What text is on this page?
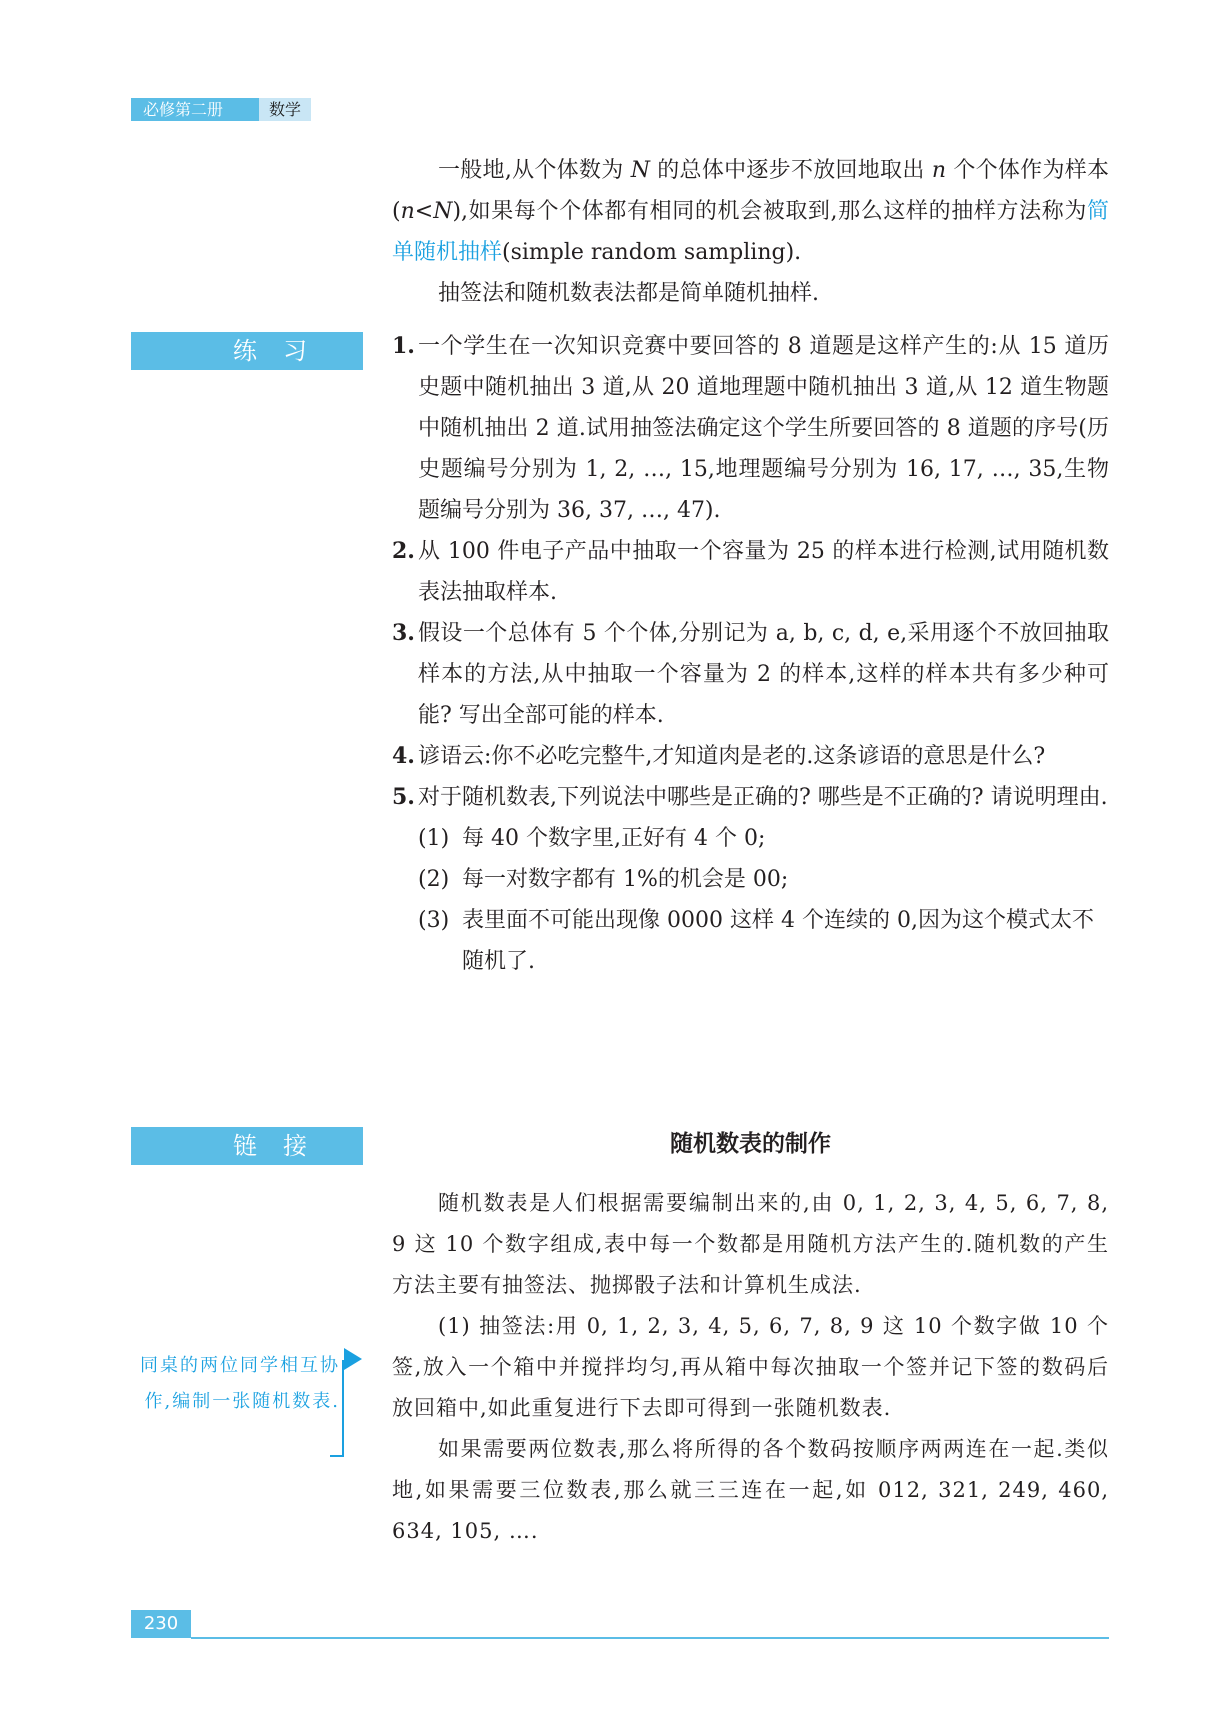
必修第二册	数学

一般地,从个体数为 N 的总体中逐步不放回地取出 n 个个体作为样本(n<N),如果每个个体都有相同的机会被取到,那么这样的抽样方法称为简单随机抽样(simple random sampling).

抽签法和随机数表法都是简单随机抽样.

练习	1. 一个学生在一次知识竞赛中要回答的 8 道题是这样产生的:从 15 道历史题中随机抽出 3 道,从 20 道地理题中随机抽出 3 道,从 12 道生物题中随机抽出 2 道.试用抽签法确定这个学生所要回答的 8 道题的序号(历史题编号分别为 1, 2, …, 15,地理题编号分别为 16, 17, …, 35,生物题编号分别为 36, 37, …, 47).
2. 从 100 件电子产品中抽取一个容量为 25 的样本进行检测,试用随机数表法抽取样本.
3. 假设一个总体有 5 个个体,分别记为 a, b, c, d, e,采用逐个不放回抽取样本的方法,从中抽取一个容量为 2 的样本,这样的样本共有多少种可能? 写出全部可能的样本.
4. 谚语云:你不必吃完整牛,才知道肉是老的.这条谚语的意思是什么?
5. 对于随机数表,下列说法中哪些是正确的? 哪些是不正确的? 请说明理由.
(1) 每 40 个数字里,正好有 4 个 0;
(2) 每一对数字都有 1%的机会是 00;
(3) 表里面不可能出现像 0000 这样 4 个连续的 0,因为这个模式太不随机了.
链接	随机数表的制作

随机数表是人们根据需要编制出来的,由 0, 1, 2, 3, 4, 5, 6, 7, 8, 9 这 10 个数字组成,表中每一个数都是用随机方法产生的.随机数的产生方法主要有抽签法、抛掷骰子法和计算机生成法.

(1) 抽签法:用 0, 1, 2, 3, 4, 5, 6, 7, 8, 9 这 10 个数字做 10 个签,放入一个箱中并搅拌均匀,再从箱中每次抽取一个签并记下签的数码后放回箱中,如此重复进行下去即可得到一张随机数表.

如果需要两位数表,那么将所得的各个数码按顺序两两连在一起.类似地,如果需要三位数表,那么就三三连在一起,如 012, 321, 249, 460, 634, 105, ….

同桌的两位同学相互协作,编制一张随机数表.
230
